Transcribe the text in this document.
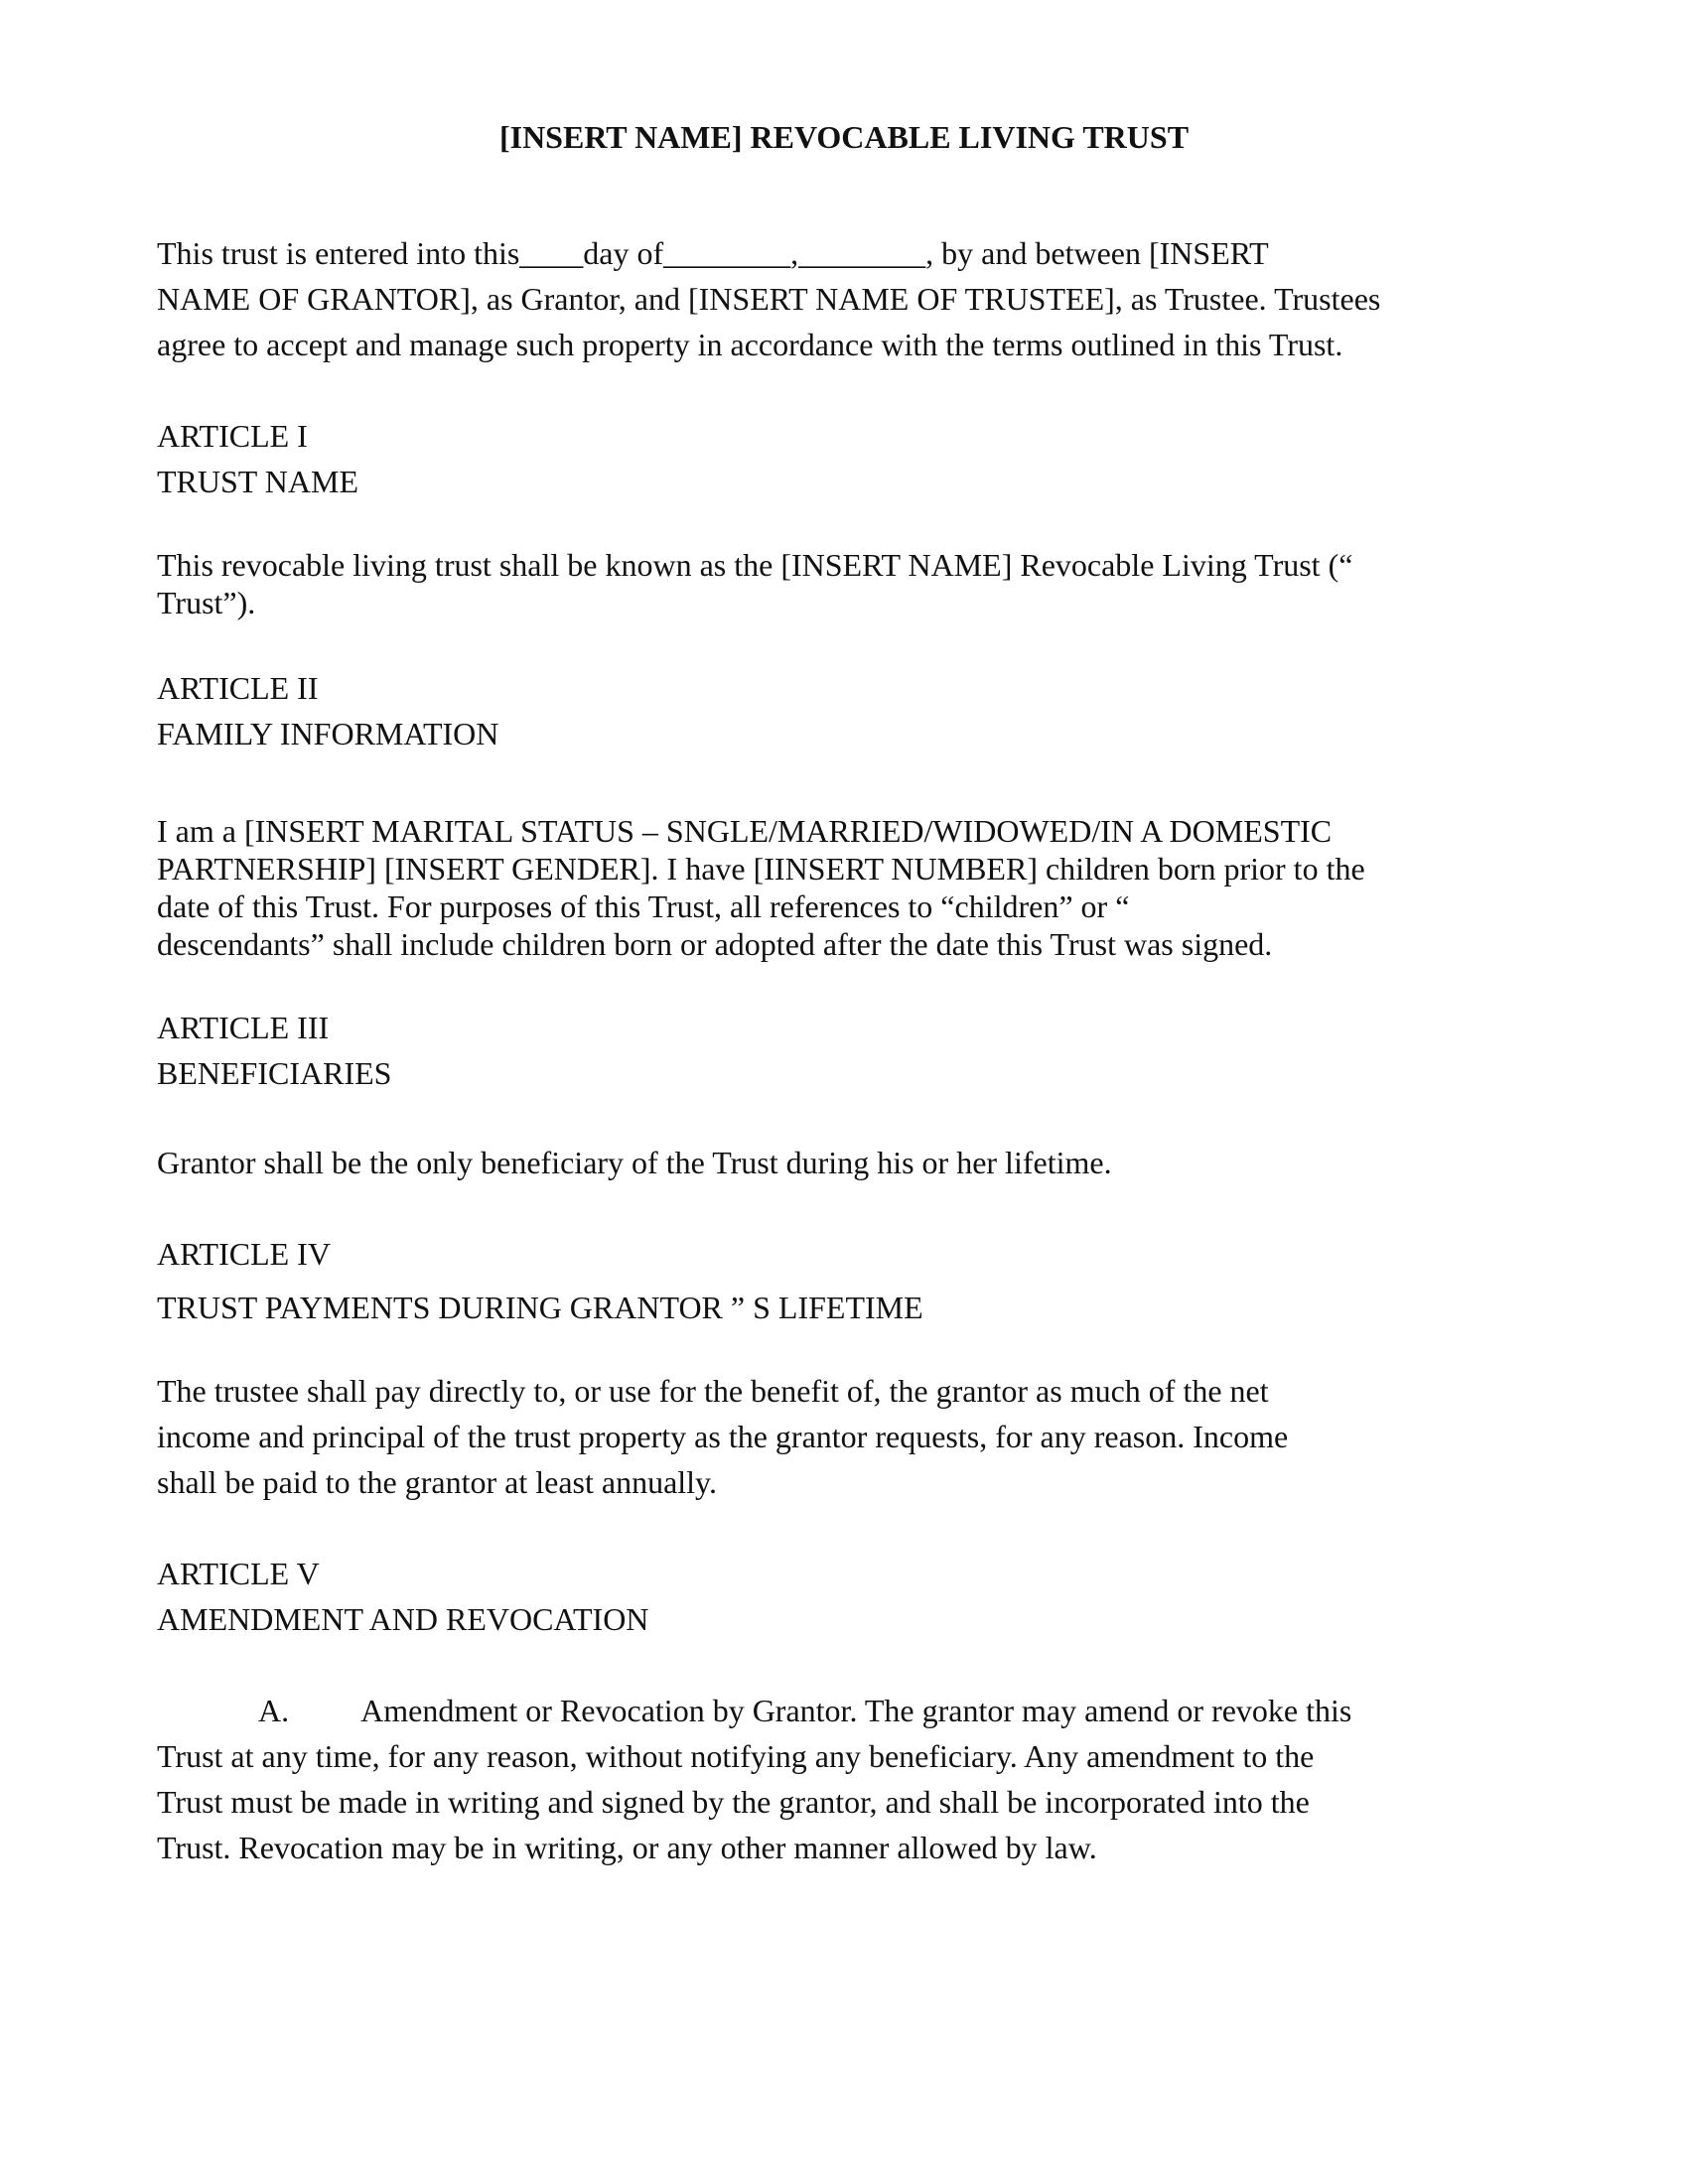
[INSERT NAME] REVOCABLE LIVING TRUST
This trust is entered into this____day of________,________, by and between [INSERT
NAME OF GRANTOR], as Grantor, and [INSERT NAME OF TRUSTEE], as Trustee. Trustees
agree to accept and manage such property in accordance with the terms outlined in this Trust.
ARTICLE I
TRUST NAME
This revocable living trust shall be known as the [INSERT NAME] Revocable Living Trust (“
Trust”).
ARTICLE II
FAMILY INFORMATION
I am a [INSERT MARITAL STATUS – SNGLE/MARRIED/WIDOWED/IN A DOMESTIC
PARTNERSHIP] [INSERT GENDER]. I have [IINSERT NUMBER] children born prior to the
date of this Trust. For purposes of this Trust, all references to “children” or “
descendants” shall include children born or adopted after the date this Trust was signed.
ARTICLE III
BENEFICIARIES
Grantor shall be the only beneficiary of the Trust during his or her lifetime.
ARTICLE IV
TRUST PAYMENTS DURING GRANTOR ” S LIFETIME
The trustee shall pay directly to, or use for the benefit of, the grantor as much of the net
income and principal of the trust property as the grantor requests, for any reason. Income
shall be paid to the grantor at least annually.
ARTICLE V
AMENDMENT AND REVOCATION
A. Amendment or Revocation by Grantor. The grantor may amend or revoke this
Trust at any time, for any reason, without notifying any beneficiary. Any amendment to the
Trust must be made in writing and signed by the grantor, and shall be incorporated into the
Trust. Revocation may be in writing, or any other manner allowed by law.
